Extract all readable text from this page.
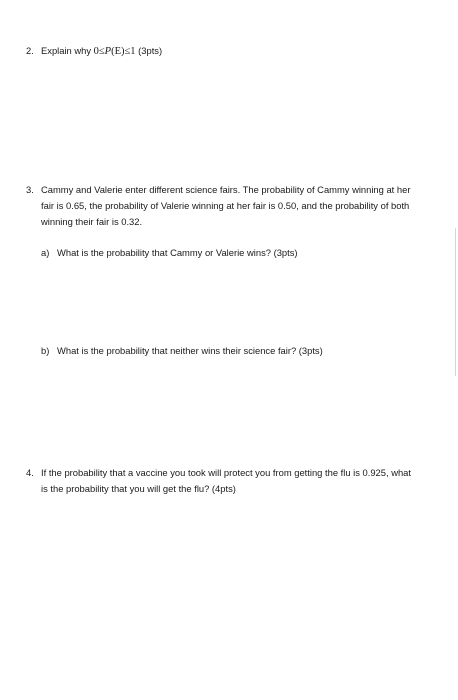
2. Explain why 0≤P(E)≤1 (3pts)
3. Cammy and Valerie enter different science fairs. The probability of Cammy winning at her
fair is 0.65, the probability of Valerie winning at her fair is 0.50, and the probability of both
winning their fair is 0.32.
a) What is the probability that Cammy or Valerie wins? (3pts)
b) What is the probability that neither wins their science fair? (3pts)
4. If the probability that a vaccine you took will protect you from getting the flu is 0.925, what
is the probability that you will get the flu? (4pts)
